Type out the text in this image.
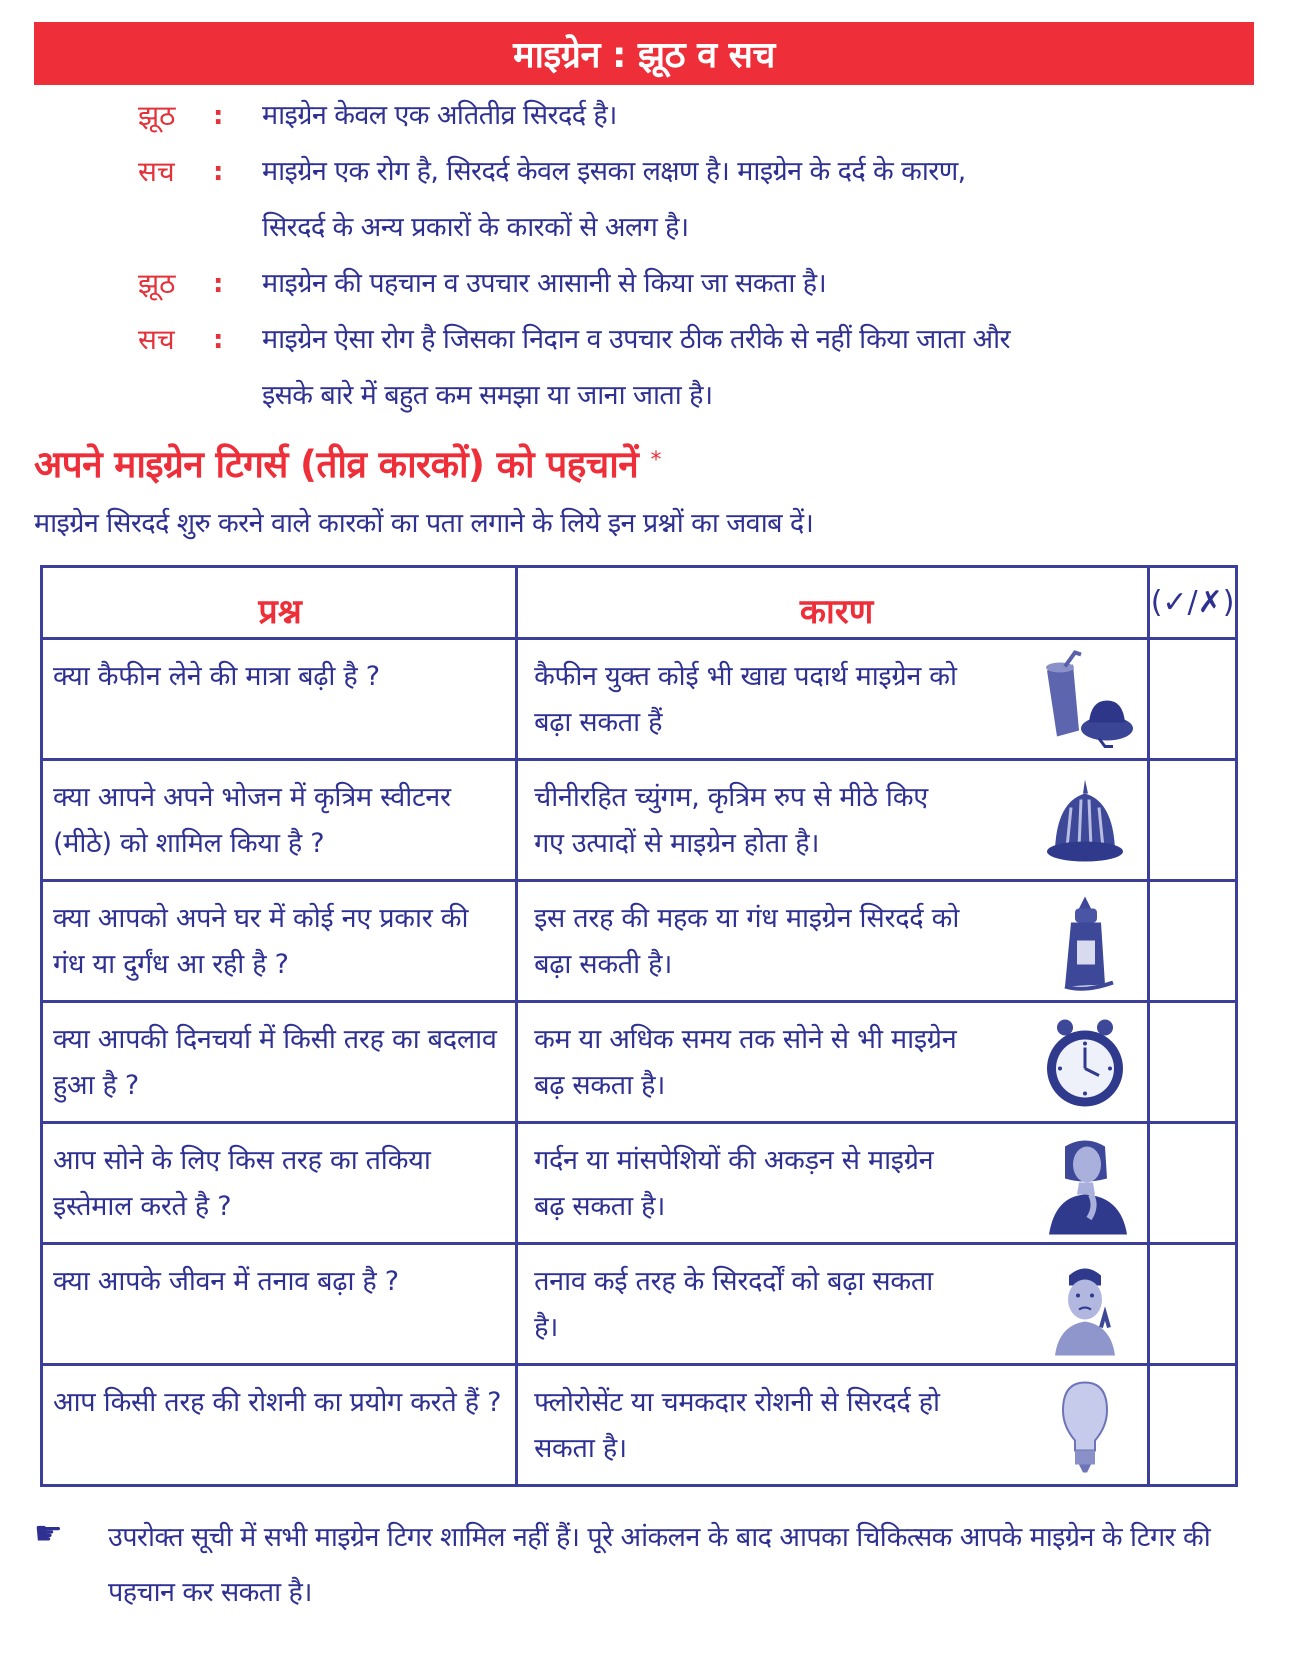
माइग्रेन : झूठ व सच
झूठ : माइग्रेन केवल एक अतितीव्र सिरदर्द है।
सच : माइग्रेन एक रोग है, सिरदर्द केवल इसका लक्षण है। माइग्रेन के दर्द के कारण,
सिरदर्द के अन्य प्रकारों के कारकों से अलग है।
झूठ : माइग्रेन की पहचान व उपचार आसानी से किया जा सकता है।
सच : माइग्रेन ऐसा रोग है जिसका निदान व उपचार ठीक तरीके से नहीं किया जाता और
इसके बारे में बहुत कम समझा या जाना जाता है।
अपने माइग्रेन टिगर्स (तीव्र कारकों) को पहचानें *
माइग्रेन सिरदर्द शुरु करने वाले कारकों का पता लगाने के लिये इन प्रश्नों का जवाब दें।
प्रश्न	कारण	(✓/✗)
क्या कैफीन लेने की मात्रा बढ़ी है ?	कैफीन युक्त कोई भी खाद्य पदार्थ माइग्रेन को बढ़ा सकता हैं	

क्या आपने अपने भोजन में कृत्रिम स्वीटनर (मीठे) को शामिल किया है ?	चीनीरहित च्युंगम, कृत्रिम रुप से मीठे किए गए उत्पादों से माइग्रेन होता है।	

क्या आपको अपने घर में कोई नए प्रकार की गंध या दुर्गंध आ रही है ?	इस तरह की महक या गंध माइग्रेन सिरदर्द को बढ़ा सकती है।	

क्या आपकी दिनचर्या में किसी तरह का बदलाव हुआ है ?	कम या अधिक समय तक सोने से भी माइग्रेन बढ़ सकता है।	

आप सोने के लिए किस तरह का तकिया इस्तेमाल करते है ?	गर्दन या मांसपेशियों की अकड़न से माइग्रेन बढ़ सकता है।	

क्या आपके जीवन में तनाव बढ़ा है ?	तनाव कई तरह के सिरदर्दों को बढ़ा सकता है।	

आप किसी तरह की रोशनी का प्रयोग करते हैं ?	फ्लोरोसेंट या चमकदार रोशनी से सिरदर्द हो सकता है।	

☛ उपरोक्त सूची में सभी माइग्रेन टिगर शामिल नहीं हैं। पूरे आंकलन के बाद आपका चिकित्सक आपके माइग्रेन के टिगर की पहचान कर सकता है।
